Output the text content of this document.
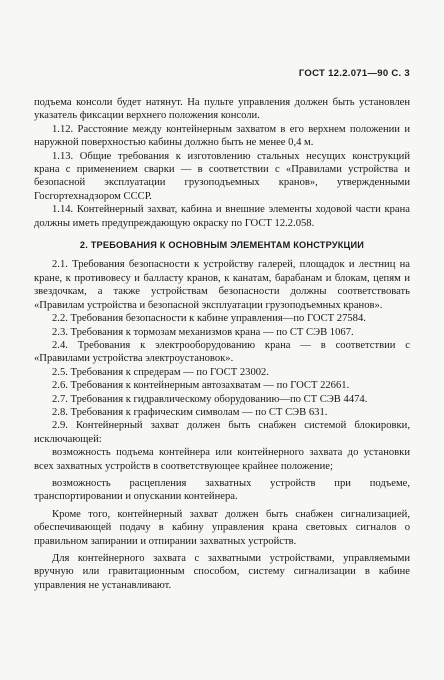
ГОСТ 12.2.071—90 С. 3

подъема консоли будет натянут. На пульте управления должен быть установлен указатель фиксации верхнего положения консоли.

1.12. Расстояние между контейнерным захватом в его верхнем положении и наружной поверхностью кабины должно быть не менее 0,4 м.

1.13. Общие требования к изготовлению стальных несущих конструкций крана с применением сварки — в соответствии с «Правилами устройства и безопасной эксплуатации грузоподъемных кранов», утвержденными Госгортехнадзором СССР.

1.14. Контейнерный захват, кабина и внешние элементы ходовой части крана должны иметь предупреждающую окраску по ГОСТ 12.2.058.

2. ТРЕБОВАНИЯ К ОСНОВНЫМ ЭЛЕМЕНТАМ КОНСТРУКЦИИ

2.1. Требования безопасности к устройству галерей, площадок и лестниц на кране, к противовесу и балласту кранов, к канатам, барабанам и блокам, цепям и звездочкам, а также устройствам безопасности должны соответствовать «Правилам устройства и безопасной эксплуатации грузоподъемных кранов».

2.2. Требования безопасности к кабине управления—по ГОСТ 27584.

2.3. Требования к тормозам механизмов крана — по СТ СЭВ 1067.

2.4. Требования к электрооборудованию крана — в соответствии с «Правилами устройства электроустановок».

2.5. Требования к спредерам — по ГОСТ 23002.

2.6. Требования к контейнерным автозахватам — по ГОСТ 22661.

2.7. Требования к гидравлическому оборудованию—по СТ СЭВ 4474.

2.8. Требования к графическим символам — по СТ СЭВ 631.

2.9. Контейнерный захват должен быть снабжен системой блокировки, исключающей:

возможность подъема контейнера или контейнерного захвата до установки всех захватных устройств в соответствующее крайнее положение;

возможность расцепления захватных устройств при подъеме, транспортировании и опускании контейнера.

Кроме того, контейнерный захват должен быть снабжен сигнализацией, обеспечивающей подачу в кабину управления крана световых сигналов о правильном запирании и отпирании захватных устройств.

Для контейнерного захвата с захватными устройствами, управляемыми вручную или гравитационным способом, систему сигнализации в кабине управления не устанавливают.
